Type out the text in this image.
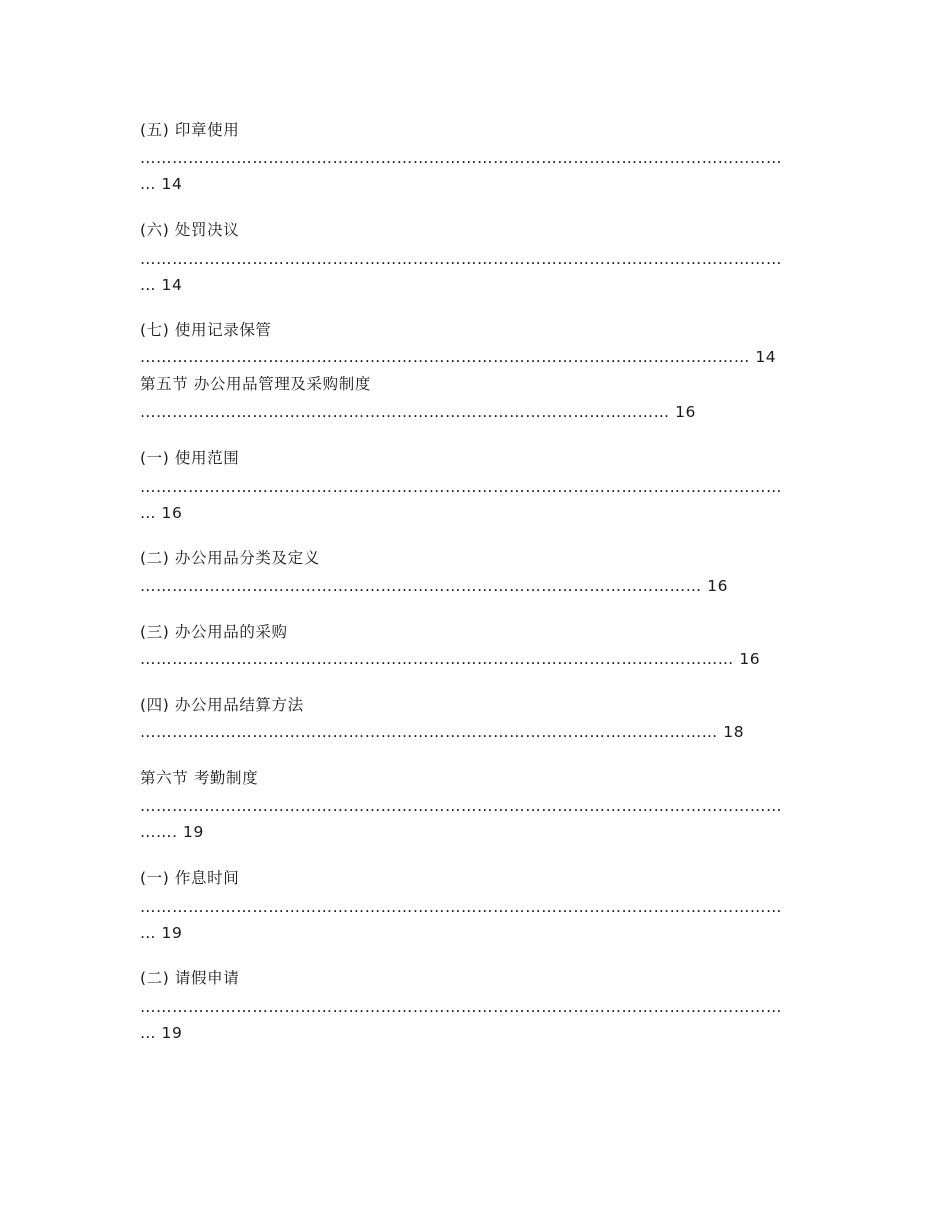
(五) 印章使用
…………………………………………………………………………………………………………
… 14
(六) 处罚决议
…………………………………………………………………………………………………………
… 14
(七) 使用记录保管
…………………………………………………………………………………………………… 14
第五节 办公用品管理及采购制度
……………………………………………………………………………………… 16
(一) 使用范围
…………………………………………………………………………………………………………
… 16
(二) 办公用品分类及定义
…………………………………………………………………………………………… 16
(三) 办公用品的采购
………………………………………………………………………………………………… 16
(四) 办公用品结算方法
……………………………………………………………………………………………… 18
第六节 考勤制度
…………………………………………………………………………………………………………
……. 19
(一) 作息时间
…………………………………………………………………………………………………………
… 19
(二) 请假申请
…………………………………………………………………………………………………………
… 19
